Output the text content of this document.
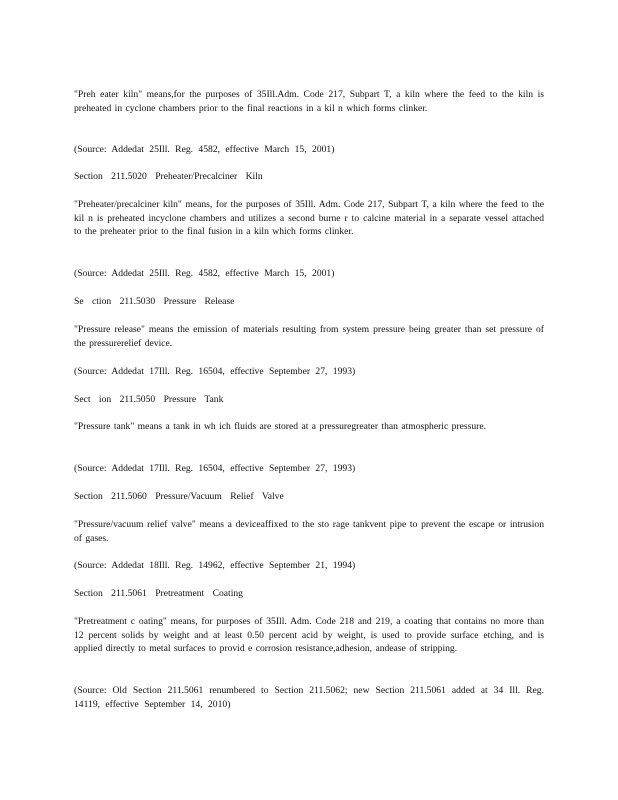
"Preh eater kiln" means,for the purposes of 35Ill.Adm. Code 217, Subpart T, a kiln where the feed to the kiln is preheated in cyclone chambers prior to the final reactions in a kil n which forms clinker.

(Source: Addedat 25Ill. Reg. 4582, effective March 15, 2001)

Section 211.5020 Preheater/Precalciner Kiln

"Preheater/precalciner kiln" means, for the purposes of 35Ill. Adm. Code 217, Subpart T, a kiln where the feed to the kil n is preheated incyclone chambers and utilizes a second burne r to calcine material in a separate vessel attached to the preheater prior to the final fusion in a kiln which forms clinker.

(Source: Addedat 25Ill. Reg. 4582, effective March 15, 2001)

Se ction 211.5030 Pressure Release

"Pressure release" means the emission of materials resulting from system pressure being greater than set pressure of the pressurerelief device.

(Source: Addedat 17Ill. Reg. 16504, effective September 27, 1993)

Sect ion 211.5050 Pressure Tank

"Pressure tank" means a tank in wh ich fluids are stored at a pressuregreater than atmospheric pressure.

(Source: Addedat 17Ill. Reg. 16504, effective September 27, 1993)

Section 211.5060 Pressure/Vacuum Relief Valve

"Pressure/vacuum relief valve" means a deviceaffixed to the sto rage tankvent pipe to prevent the escape or intrusion of gases.

(Source: Addedat 18Ill. Reg. 14962, effective September 21, 1994)

Section 211.5061 Pretreatment Coating

"Pretreatment c oating" means, for purposes of 35Ill. Adm. Code 218 and 219, a coating that contains no more than 12 percent solids by weight and at least 0.50 percent acid by weight, is used to provide surface etching, and is applied directly to metal surfaces to provid e corrosion resistance,adhesion, andease of stripping.

(Source: Old Section 211.5061 renumbered to Section 211.5062; new Section 211.5061 added at 34 Ill. Reg. 14119, effective September 14, 2010)
